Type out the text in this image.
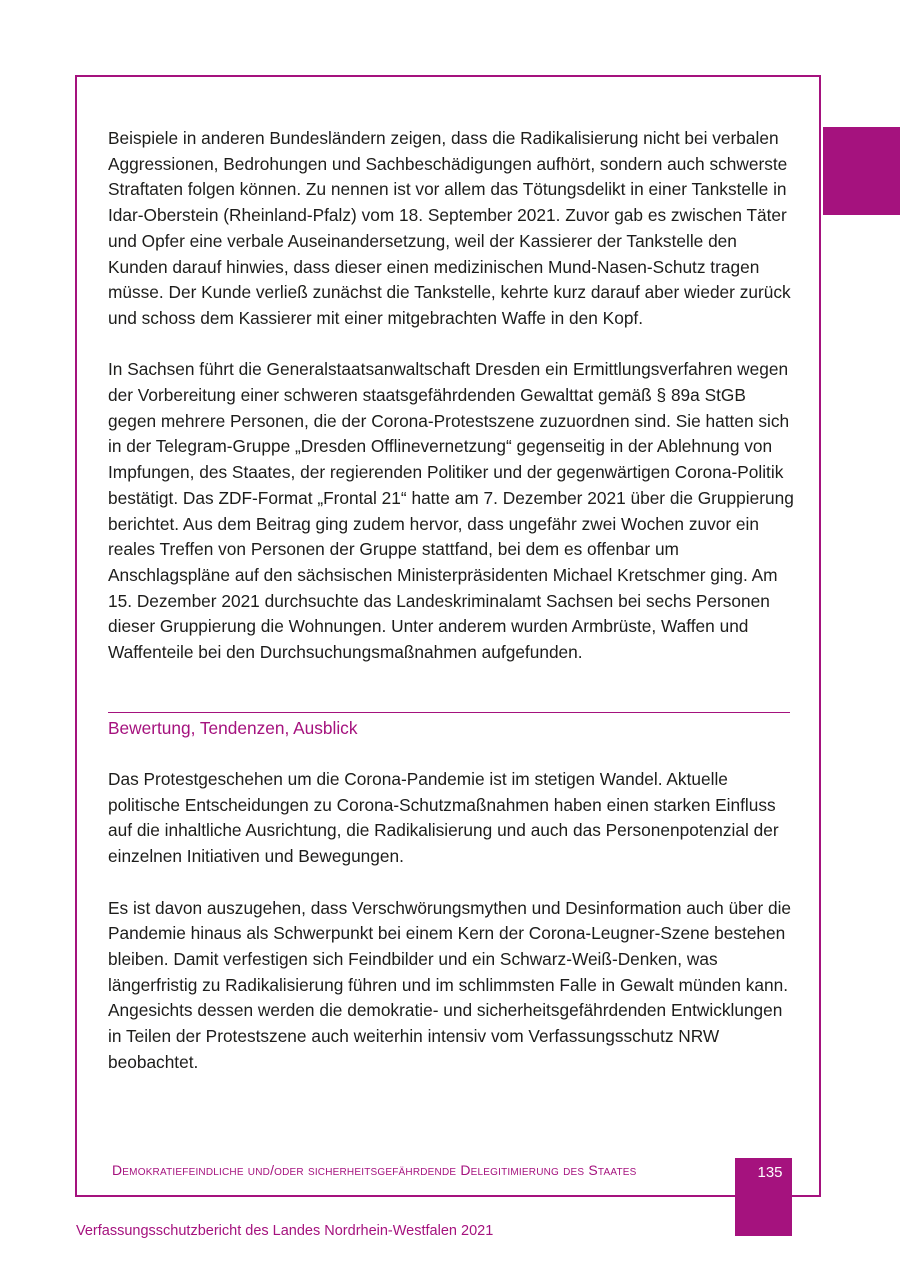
Beispiele in anderen Bundesländern zeigen, dass die Radikalisierung nicht bei verbalen Aggressionen, Bedrohungen und Sachbeschädigungen aufhört, sondern auch schwerste Straftaten folgen können. Zu nennen ist vor allem das Tötungsdelikt in einer Tankstelle in Idar-Oberstein (Rheinland-Pfalz) vom 18. September 2021. Zuvor gab es zwischen Täter und Opfer eine verbale Auseinandersetzung, weil der Kassierer der Tankstelle den Kunden darauf hinwies, dass dieser einen medizinischen Mund-Nasen-Schutz tragen müsse. Der Kunde verließ zunächst die Tankstelle, kehrte kurz darauf aber wieder zurück und schoss dem Kassierer mit einer mitgebrachten Waffe in den Kopf.

In Sachsen führt die Generalstaatsanwaltschaft Dresden ein Ermittlungsverfahren wegen der Vorbereitung einer schweren staatsgefährdenden Gewalttat gemäß § 89a StGB gegen mehrere Personen, die der Corona-Protestszene zuzuordnen sind. Sie hatten sich in der Telegram-Gruppe „Dresden Offlinevernetzung“ gegenseitig in der Ablehnung von Impfungen, des Staates, der regierenden Politiker und der gegenwärtigen Corona-Politik bestätigt. Das ZDF-Format „Frontal 21“ hatte am 7. Dezember 2021 über die Gruppierung berichtet. Aus dem Beitrag ging zudem hervor, dass ungefähr zwei Wochen zuvor ein reales Treffen von Personen der Gruppe stattfand, bei dem es offenbar um Anschlagspläne auf den sächsischen Ministerpräsidenten Michael Kretschmer ging. Am 15. Dezember 2021 durchsuchte das Landeskriminalamt Sachsen bei sechs Personen dieser Gruppierung die Wohnungen. Unter anderem wurden Armbrüste, Waffen und Waffenteile bei den Durchsuchungsmaßnahmen aufgefunden.

Bewertung, Tendenzen, Ausblick

Das Protestgeschehen um die Corona-Pandemie ist im stetigen Wandel. Aktuelle politische Entscheidungen zu Corona-Schutzmaßnahmen haben einen starken Einfluss auf die inhaltliche Ausrichtung, die Radikalisierung und auch das Personenpotenzial der einzelnen Initiativen und Bewegungen.

Es ist davon auszugehen, dass Verschwörungsmythen und Desinformation auch über die Pandemie hinaus als Schwerpunkt bei einem Kern der Corona-Leugner-Szene bestehen bleiben. Damit verfestigen sich Feindbilder und ein Schwarz-Weiß-Denken, was längerfristig zu Radikalisierung führen und im schlimmsten Falle in Gewalt münden kann. Angesichts dessen werden die demokratie- und sicherheitsgefährdenden Entwicklungen in Teilen der Protestszene auch weiterhin intensiv vom Verfassungsschutz NRW beobachtet.

Demokratiefeindliche und/oder sicherheitsgefährdende Delegitimierung des Staates	135
Verfassungsschutzbericht des Landes Nordrhein-Westfalen 2021
